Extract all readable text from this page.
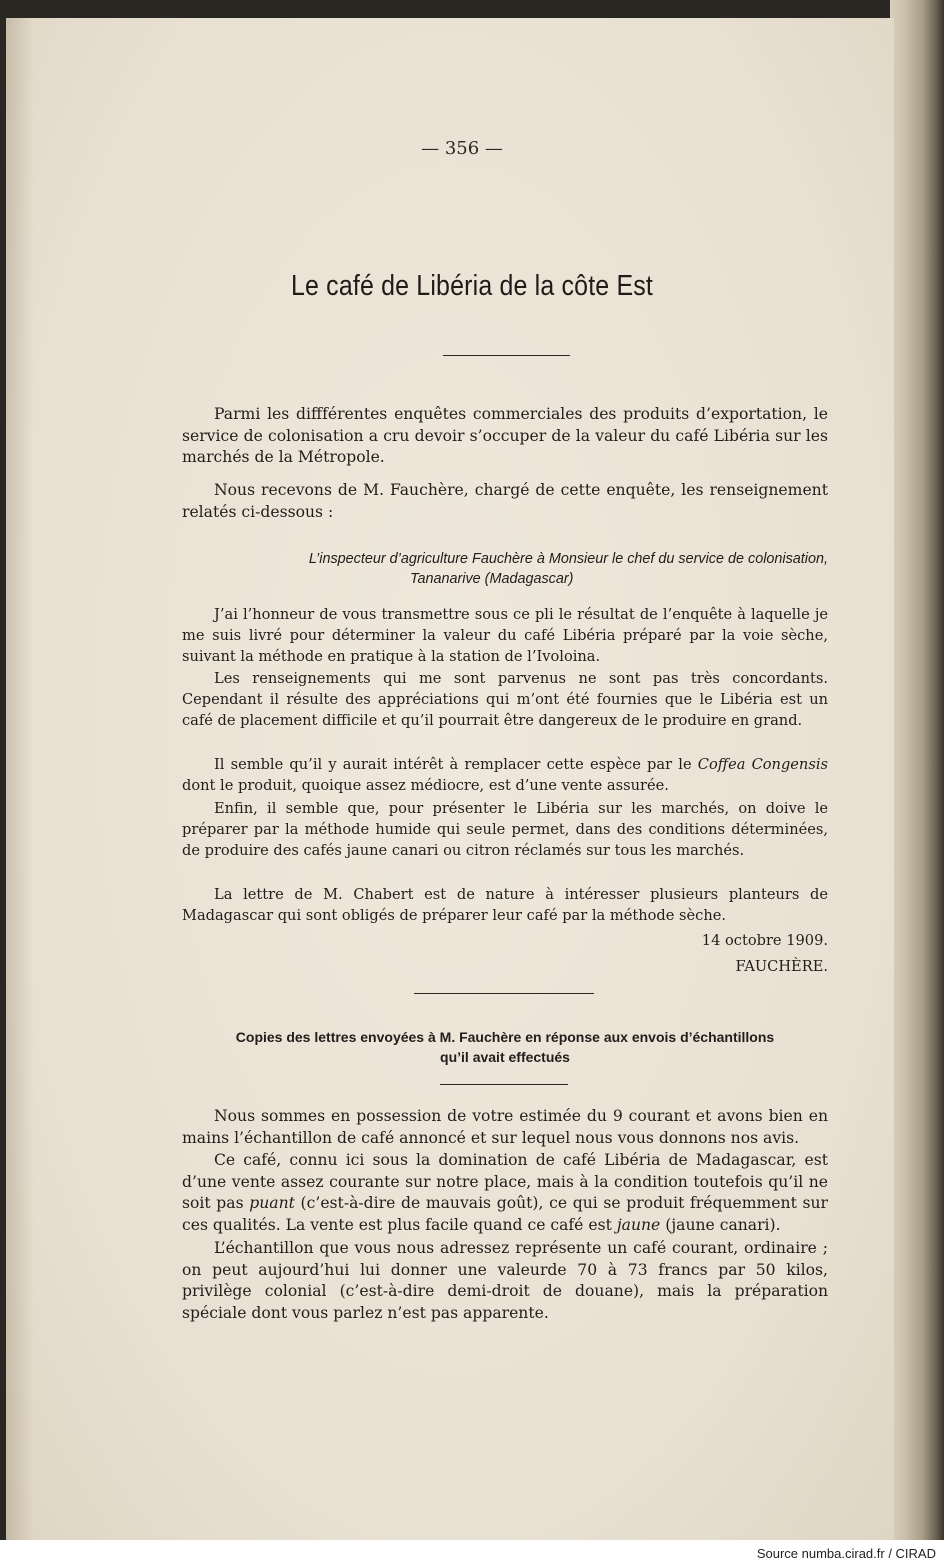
— 356 —
Le café de Libéria de la côte Est

Parmi les diffférentes enquêtes commerciales des produits d’exportation, le service de colonisation a cru devoir s’occuper de la valeur du café Libéria sur les marchés de la Métropole.

Nous recevons de M. Fauchère, chargé de cette enquête, les renseignement relatés ci-dessous :

L’inspecteur d’agriculture Fauchère à Monsieur le chef du service de colonisation,
Tananarive (Madagascar)

J’ai l’honneur de vous transmettre sous ce pli le résultat de l’enquête à laquelle je me suis livré pour déterminer la valeur du café Libéria préparé par la voie sèche, suivant la méthode en pratique à la station de l’Ivoloina.

Les renseignements qui me sont parvenus ne sont pas très concordants. Cependant il résulte des appréciations qui m’ont été fournies que le Libéria est un café de placement difficile et qu’il pourrait être dangereux de le produire en grand.

Il semble qu’il y aurait intérêt à remplacer cette espèce par le Coffea Congensis dont le produit, quoique assez médiocre, est d’une vente assurée.

Enfin, il semble que, pour présenter le Libéria sur les marchés, on doive le préparer par la méthode humide qui seule permet, dans des conditions déterminées, de produire des cafés jaune canari ou citron réclamés sur tous les marchés.

La lettre de M. Chabert est de nature à intéresser plusieurs planteurs de Madagascar qui sont obligés de préparer leur café par la méthode sèche.

14 octobre 1909.

FAUCHÈRE.

Copies des lettres envoyées à M. Fauchère en réponse aux envois d’échantillons
qu’il avait effectués

Nous sommes en possession de votre estimée du 9 courant et avons bien en mains l’échantillon de café annoncé et sur lequel nous vous donnons nos avis.

Ce café, connu ici sous la domination de café Libéria de Madagascar, est d’une vente assez courante sur notre place, mais à la condition toutefois qu’il ne soit pas puant (c’est-à-dire de mauvais goût), ce qui se produit fréquemment sur ces qualités. La vente est plus facile quand ce café est jaune (jaune canari).

L’échantillon que vous nous adressez représente un café courant, ordinaire ; on peut aujourd’hui lui donner une valeurde 70 à 73 francs par 50 kilos, privilège colonial (c’est-à-dire demi-droit de douane), mais la préparation spéciale dont vous parlez n’est pas apparente.

Source numba.cirad.fr / CIRAD
